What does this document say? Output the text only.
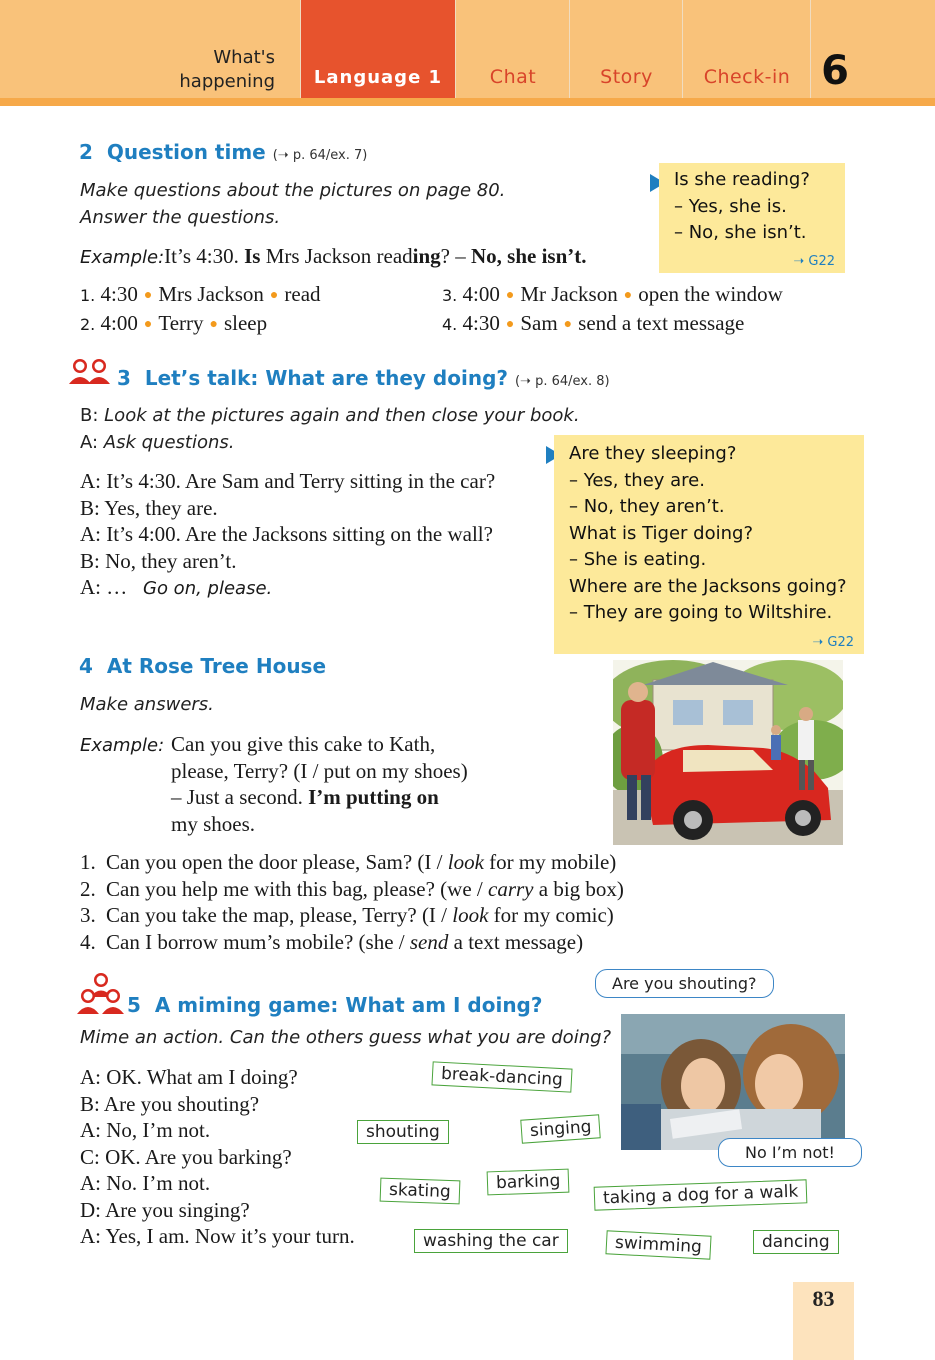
What's
happening	Language 1	Chat	Story	Check-in 6
2 Question time (➝ p. 64/ex. 7)
Make questions about the pictures on page 80.
Answer the questions.
Example:It’s 4:30. Is Mrs Jackson reading? – No, she isn’t.
1. 4:30 ● Mrs Jackson ● read
2. 4:00 ● Terry ● sleep
3. 4:00 ● Mr Jackson ● open the window
4. 4:30 ● Sam ● send a text message
Is she reading?
– Yes, she is.
– No, she isn’t.
➝ G22
3 Let’s talk: What are they doing? (➝ p. 64/ex. 8)
B: Look at the pictures again and then close your book.
A: Ask questions.
A: It’s 4:30. Are Sam and Terry sitting in the car?
B: Yes, they are.
A: It’s 4:00. Are the Jacksons sitting on the wall?
B: No, they aren’t.
A: … Go on, please.
Are they sleeping?
– Yes, they are.
– No, they aren’t.
What is Tiger doing?
– She is eating.
Where are the Jacksons going?
– They are going to Wiltshire.
➝ G22
4 At Rose Tree House
Make answers.
Example: Can you give this cake to Kath,
please, Terry? (I / put on my shoes)
– Just a second. I’m putting on
my shoes.
1. Can you open the door please, Sam? (I / look for my mobile)
2. Can you help me with this bag, please? (we / carry a big box)
3. Can you take the map, please, Terry? (I / look for my comic)
4. Can I borrow mum’s mobile? (she / send a text message)
5 A miming game: What am I doing?
Mime an action. Can the others guess what you are doing?
A: OK. What am I doing?
B: Are you shouting?
A: No, I’m not.
C: OK. Are you barking?
A: No. I’m not.
D: Are you singing?
A: Yes, I am. Now it’s your turn.
Are you shouting?
No I’m not!
break-dancing
shouting	singing
skating	barking	taking a dog for a walk
washing the car	swimming	dancing
83
